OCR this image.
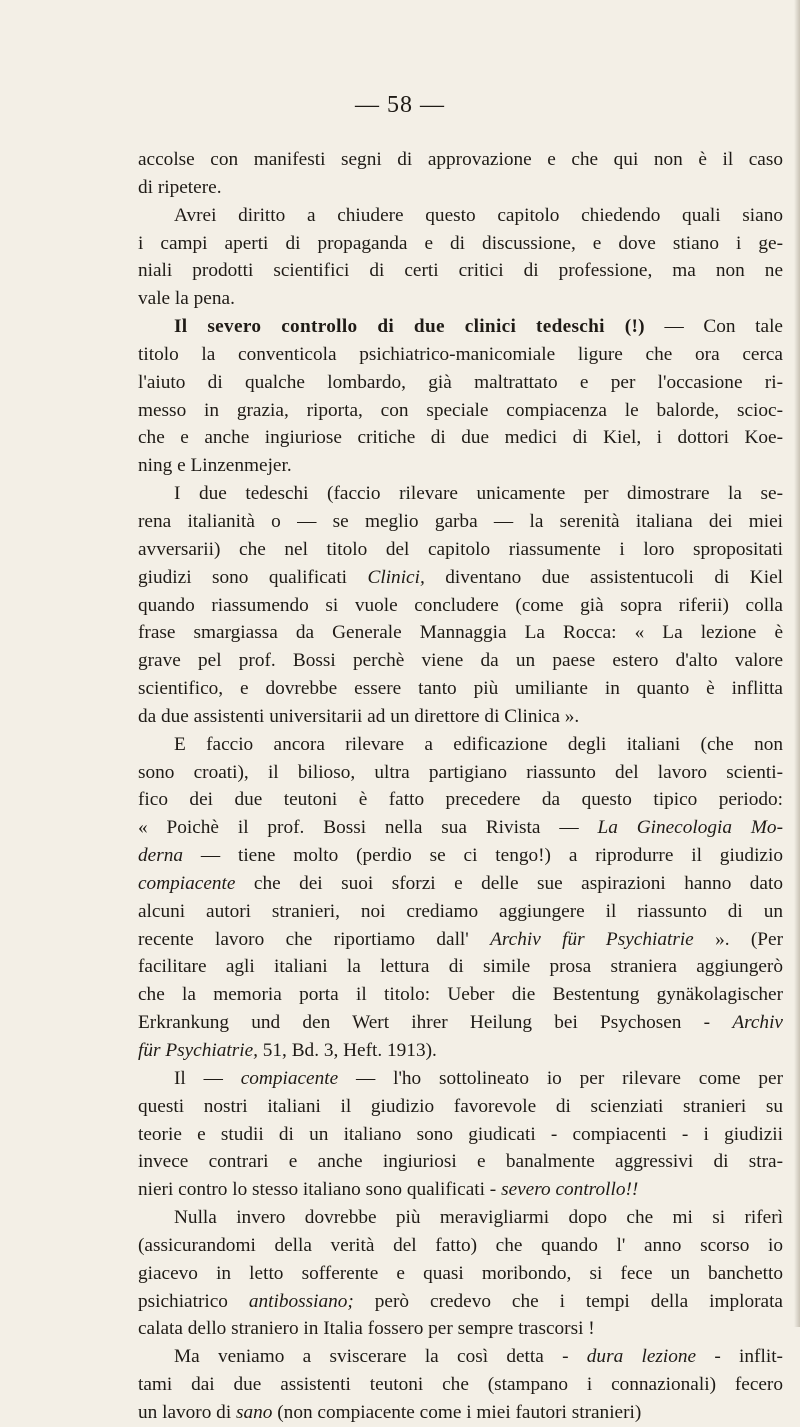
— 58 —
accolse con manifesti segni di approvazione e che qui non è il caso
di ripetere.
Avrei diritto a chiudere questo capitolo chiedendo quali siano
i campi aperti di propaganda e di discussione, e dove stiano i ge-
niali prodotti scientifici di certi critici di professione, ma non ne
vale la pena.
Il severo controllo di due clinici tedeschi (!) — Con tale
titolo la conventicola psichiatrico-manicomiale ligure che ora cerca
l'aiuto di qualche lombardo, già maltrattato e per l'occasione ri-
messo in grazia, riporta, con speciale compiacenza le balorde, scioc-
che e anche ingiuriose critiche di due medici di Kiel, i dottori Koe-
ning e Linzenmejer.
I due tedeschi (faccio rilevare unicamente per dimostrare la se-
rena italianità o — se meglio garba — la serenità italiana dei miei
avversarii) che nel titolo del capitolo riassumente i loro spropositati
giudizi sono qualificati Clinici, diventano due assistentucoli di Kiel
quando riassumendo si vuole concludere (come già sopra riferii) colla
frase smargiassa da Generale Mannaggia La Rocca: « La lezione è
grave pel prof. Bossi perchè viene da un paese estero d'alto valore
scientifico, e dovrebbe essere tanto più umiliante in quanto è inflitta
da due assistenti universitarii ad un direttore di Clinica ».
E faccio ancora rilevare a edificazione degli italiani (che non
sono croati), il bilioso, ultra partigiano riassunto del lavoro scienti-
fico dei due teutoni è fatto precedere da questo tipico periodo:
« Poichè il prof. Bossi nella sua Rivista — La Ginecologia Mo-
derna — tiene molto (perdio se ci tengo!) a riprodurre il giudizio
compiacente che dei suoi sforzi e delle sue aspirazioni hanno dato
alcuni autori stranieri, noi crediamo aggiungere il riassunto di un
recente lavoro che riportiamo dall' Archiv für Psychiatrie ». (Per
facilitare agli italiani la lettura di simile prosa straniera aggiungerò
che la memoria porta il titolo: Ueber die Bestentung gynäkolagischer
Erkrankung und den Wert ihrer Heilung bei Psychosen - Archiv
für Psychiatrie, 51, Bd. 3, Heft. 1913).
Il — compiacente — l'ho sottolineato io per rilevare come per
questi nostri italiani il giudizio favorevole di scienziati stranieri su
teorie e studii di un italiano sono giudicati - compiacenti - i giudizii
invece contrari e anche ingiuriosi e banalmente aggressivi di stra-
nieri contro lo stesso italiano sono qualificati - severo controllo!!
Nulla invero dovrebbe più meravigliarmi dopo che mi si riferì
(assicurandomi della verità del fatto) che quando l' anno scorso io
giacevo in letto sofferente e quasi moribondo, si fece un banchetto
psichiatrico antibossiano; però credevo che i tempi della implorata
calata dello straniero in Italia fossero per sempre trascorsi !
Ma veniamo a sviscerare la così detta - dura lezione - inflit-
tami dai due assistenti teutoni che (stampano i connazionali) fecero
un lavoro di sano (non compiacente come i miei fautori stranieri)
